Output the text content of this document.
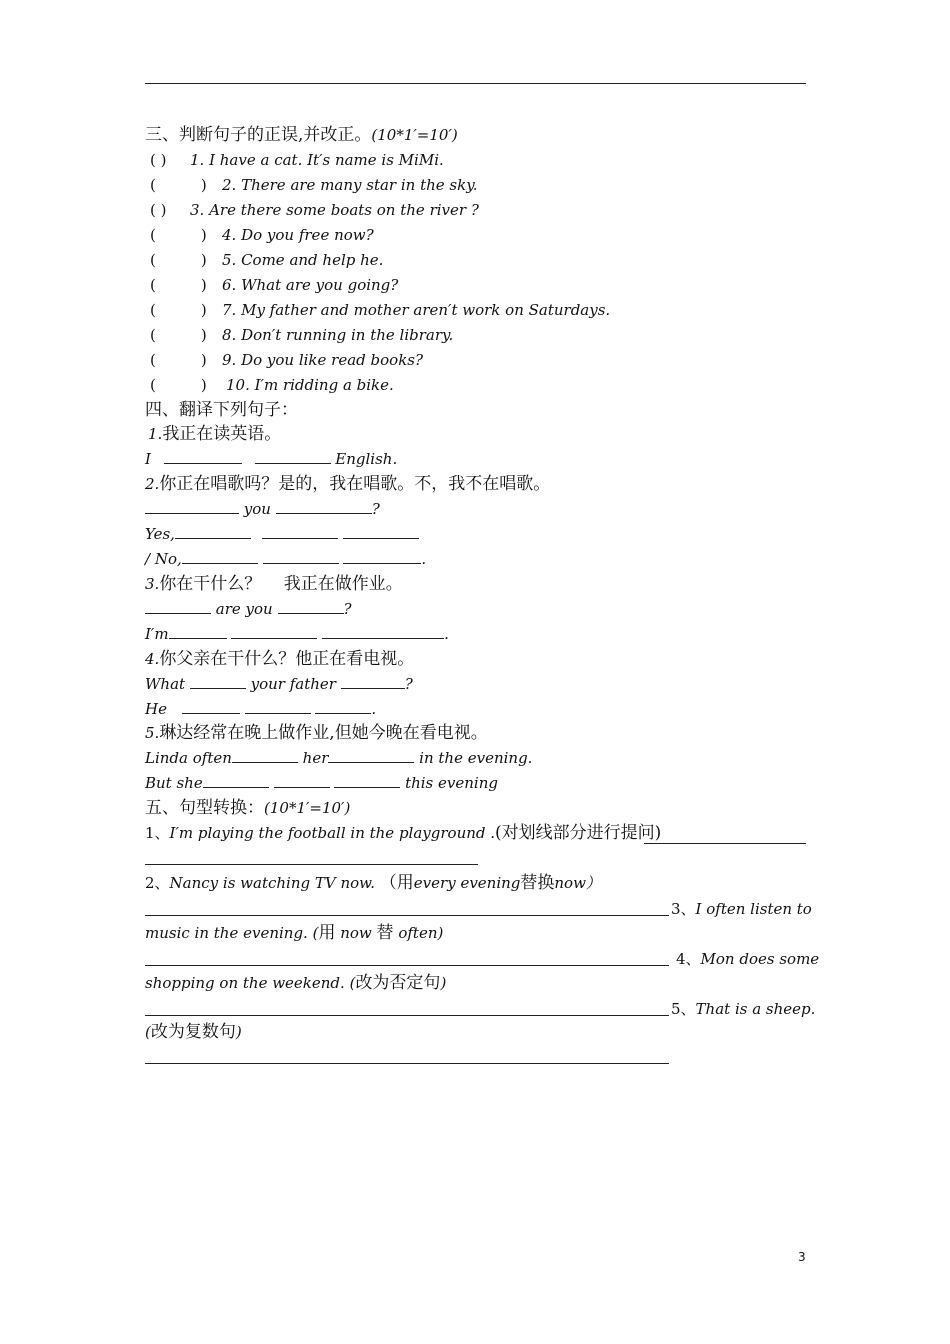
三、判断句子的正误,并改正。(10*1′=10′)
( ) 1. I have a cat. It′s name is MiMi.
(　　　) 2. There are many star in the sky.
( ) 3. Are there some boats on the river ?
(　　　) 4. Do you free now?
(　　　) 5. Come and help he.
(　　　) 6. What are you going?
(　　　) 7. My father and mother aren′t work on Saturdays.
(　　　) 8. Don′t running in the library.
(　　　) 9. Do you like read books?
(　　　) 10. I′m ridding a bike.
四、翻译下列句子：
1.我正在读英语。
I	English.
2.你正在唱歌吗？是的，我在唱歌。不，我不在唱歌。
you	?
Yes,
/ No,	.
3.你在干什么？　 我正在做作业。
are you	?
I′m	.
4.你父亲在干什么？他正在看电视。
What	your father	?
He	.
5.琳达经常在晚上做作业,但她今晚在看电视。
Linda often	her	in the evening.
But she	this evening
五、句型转换：(10*1′=10′)
1、I′m playing the football in the playground .(对划线部分进行提问)
2、Nancy is watching TV now. （用every evening替换now）
3、I often listen to
music in the evening. (用 now 替 often)
4、Mon does some
shopping on the weekend. (改为否定句)
5、That is a sheep.
(改为复数句)
3
